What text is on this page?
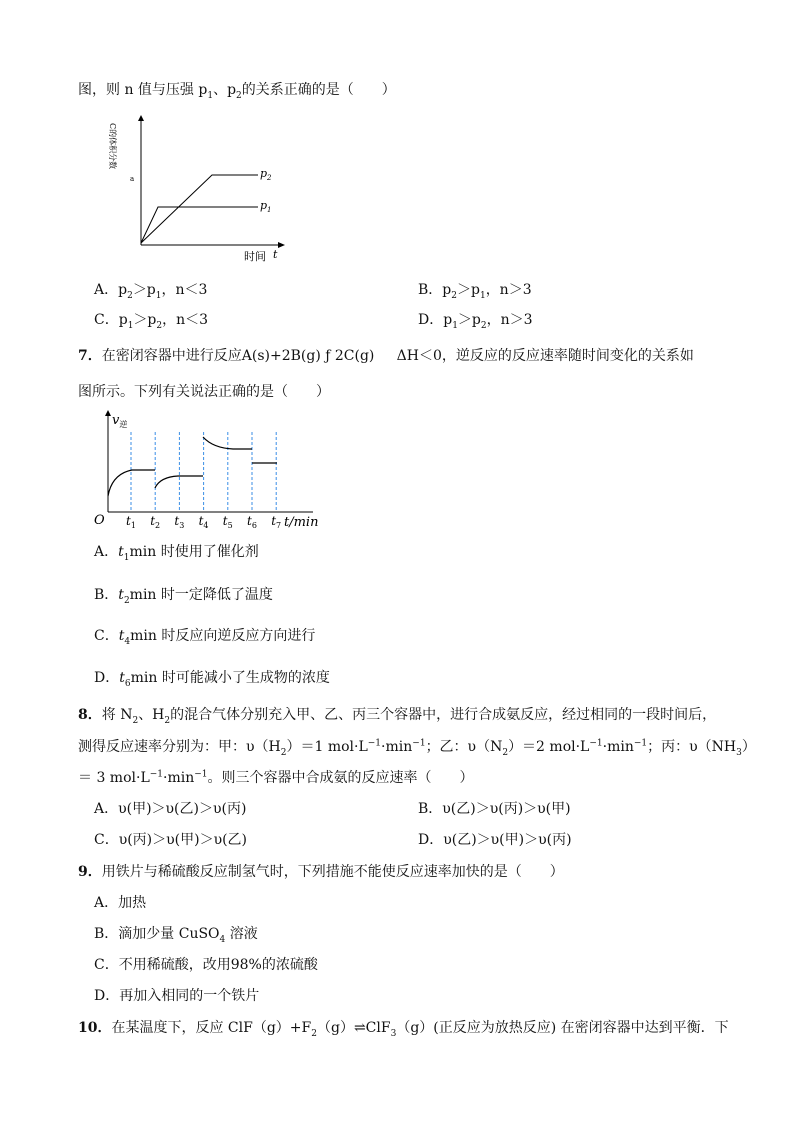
图，则 n 值与压强 $p_1$、$p_2$的关系正确的是（　　）
C的体积分数
a	$p_2$
$p_1$
时间 t
A．$p_2>p_1$，n＜3	B．$p_2>p_1$，n＞3
C．$p_1>p_2$，n＜3	D．$p_1>p_2$，n＞3
7．在密闭容器中进行反应A(s)+2B(g) ƒ 2C(g) ΔH＜0，逆反应的反应速率随时间变化的关系如
图所示。下列有关说法正确的是（　　）
$v_逆$
O	t/min
$t_1$ $t_2$ $t_3$ $t_4$ $t_5$ $t_6$ $t_7$
A．$t_1\min$ 时使用了催化剂
B．$t_2\min$ 时一定降低了温度
C．$t_4\min$ 时反应向逆反应方向进行
D．$t_6\min$ 时可能减小了生成物的浓度
8．将 $N_2$、$H_2$的混合气体分别充入甲、乙、丙三个容器中，进行合成氨反应，经过相同的一段时间后，
测得反应速率分别为：甲：$\upsilon(H_2)=1$ $mol\cdot L^{-1}\cdot\min^{-1}$；乙：$\upsilon(N_2)=2$ $mol\cdot L^{-1}\cdot\min^{-1}$；丙：$\upsilon(NH_3)$
＝ 3 $mol\cdot L^{-1}\cdot\min^{-1}$。则三个容器中合成氨的反应速率（　　）
A．υ(甲)＞υ(乙)＞υ(丙)	B．υ(乙)＞υ(丙)＞υ(甲)
C．υ(丙)＞υ(甲)＞υ(乙)	D．υ(乙)＞υ(甲)＞υ(丙)
9．用铁片与稀硫酸反应制氢气时，下列措施不能使反应速率加快的是（　　）
A．加热
B．滴加少量 CuSO$_4$ 溶液
C．不用稀硫酸，改用98%的浓硫酸
D．再加入相同的一个铁片
10．在某温度下，反应 $ClF(g)+F_2(g)\rightleftharpoons ClF_3(g)$(正反应为放热反应) 在密闭容器中达到平衡．下
